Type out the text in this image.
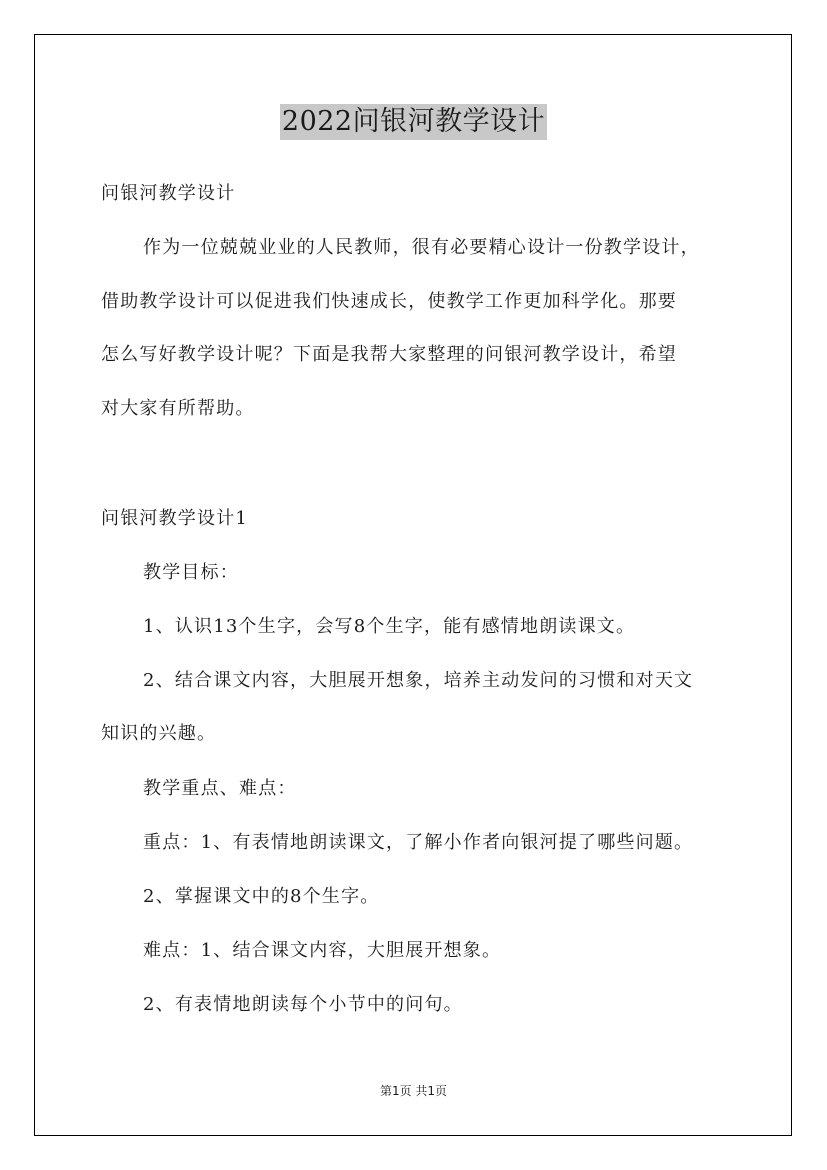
2022问银河教学设计
问银河教学设计
作为一位兢兢业业的人民教师，很有必要精心设计一份教学设计，
借助教学设计可以促进我们快速成长，使教学工作更加科学化。那要
怎么写好教学设计呢？下面是我帮大家整理的问银河教学设计，希望
对大家有所帮助。
问银河教学设计1
教学目标：
1、认识13个生字，会写8个生字，能有感情地朗读课文。
2、结合课文内容，大胆展开想象，培养主动发问的习惯和对天文
知识的兴趣。
教学重点、难点：
重点：1、有表情地朗读课文，了解小作者向银河提了哪些问题。
2、掌握课文中的8个生字。
难点：1、结合课文内容，大胆展开想象。
2、有表情地朗读每个小节中的问句。
第1页 共1页
